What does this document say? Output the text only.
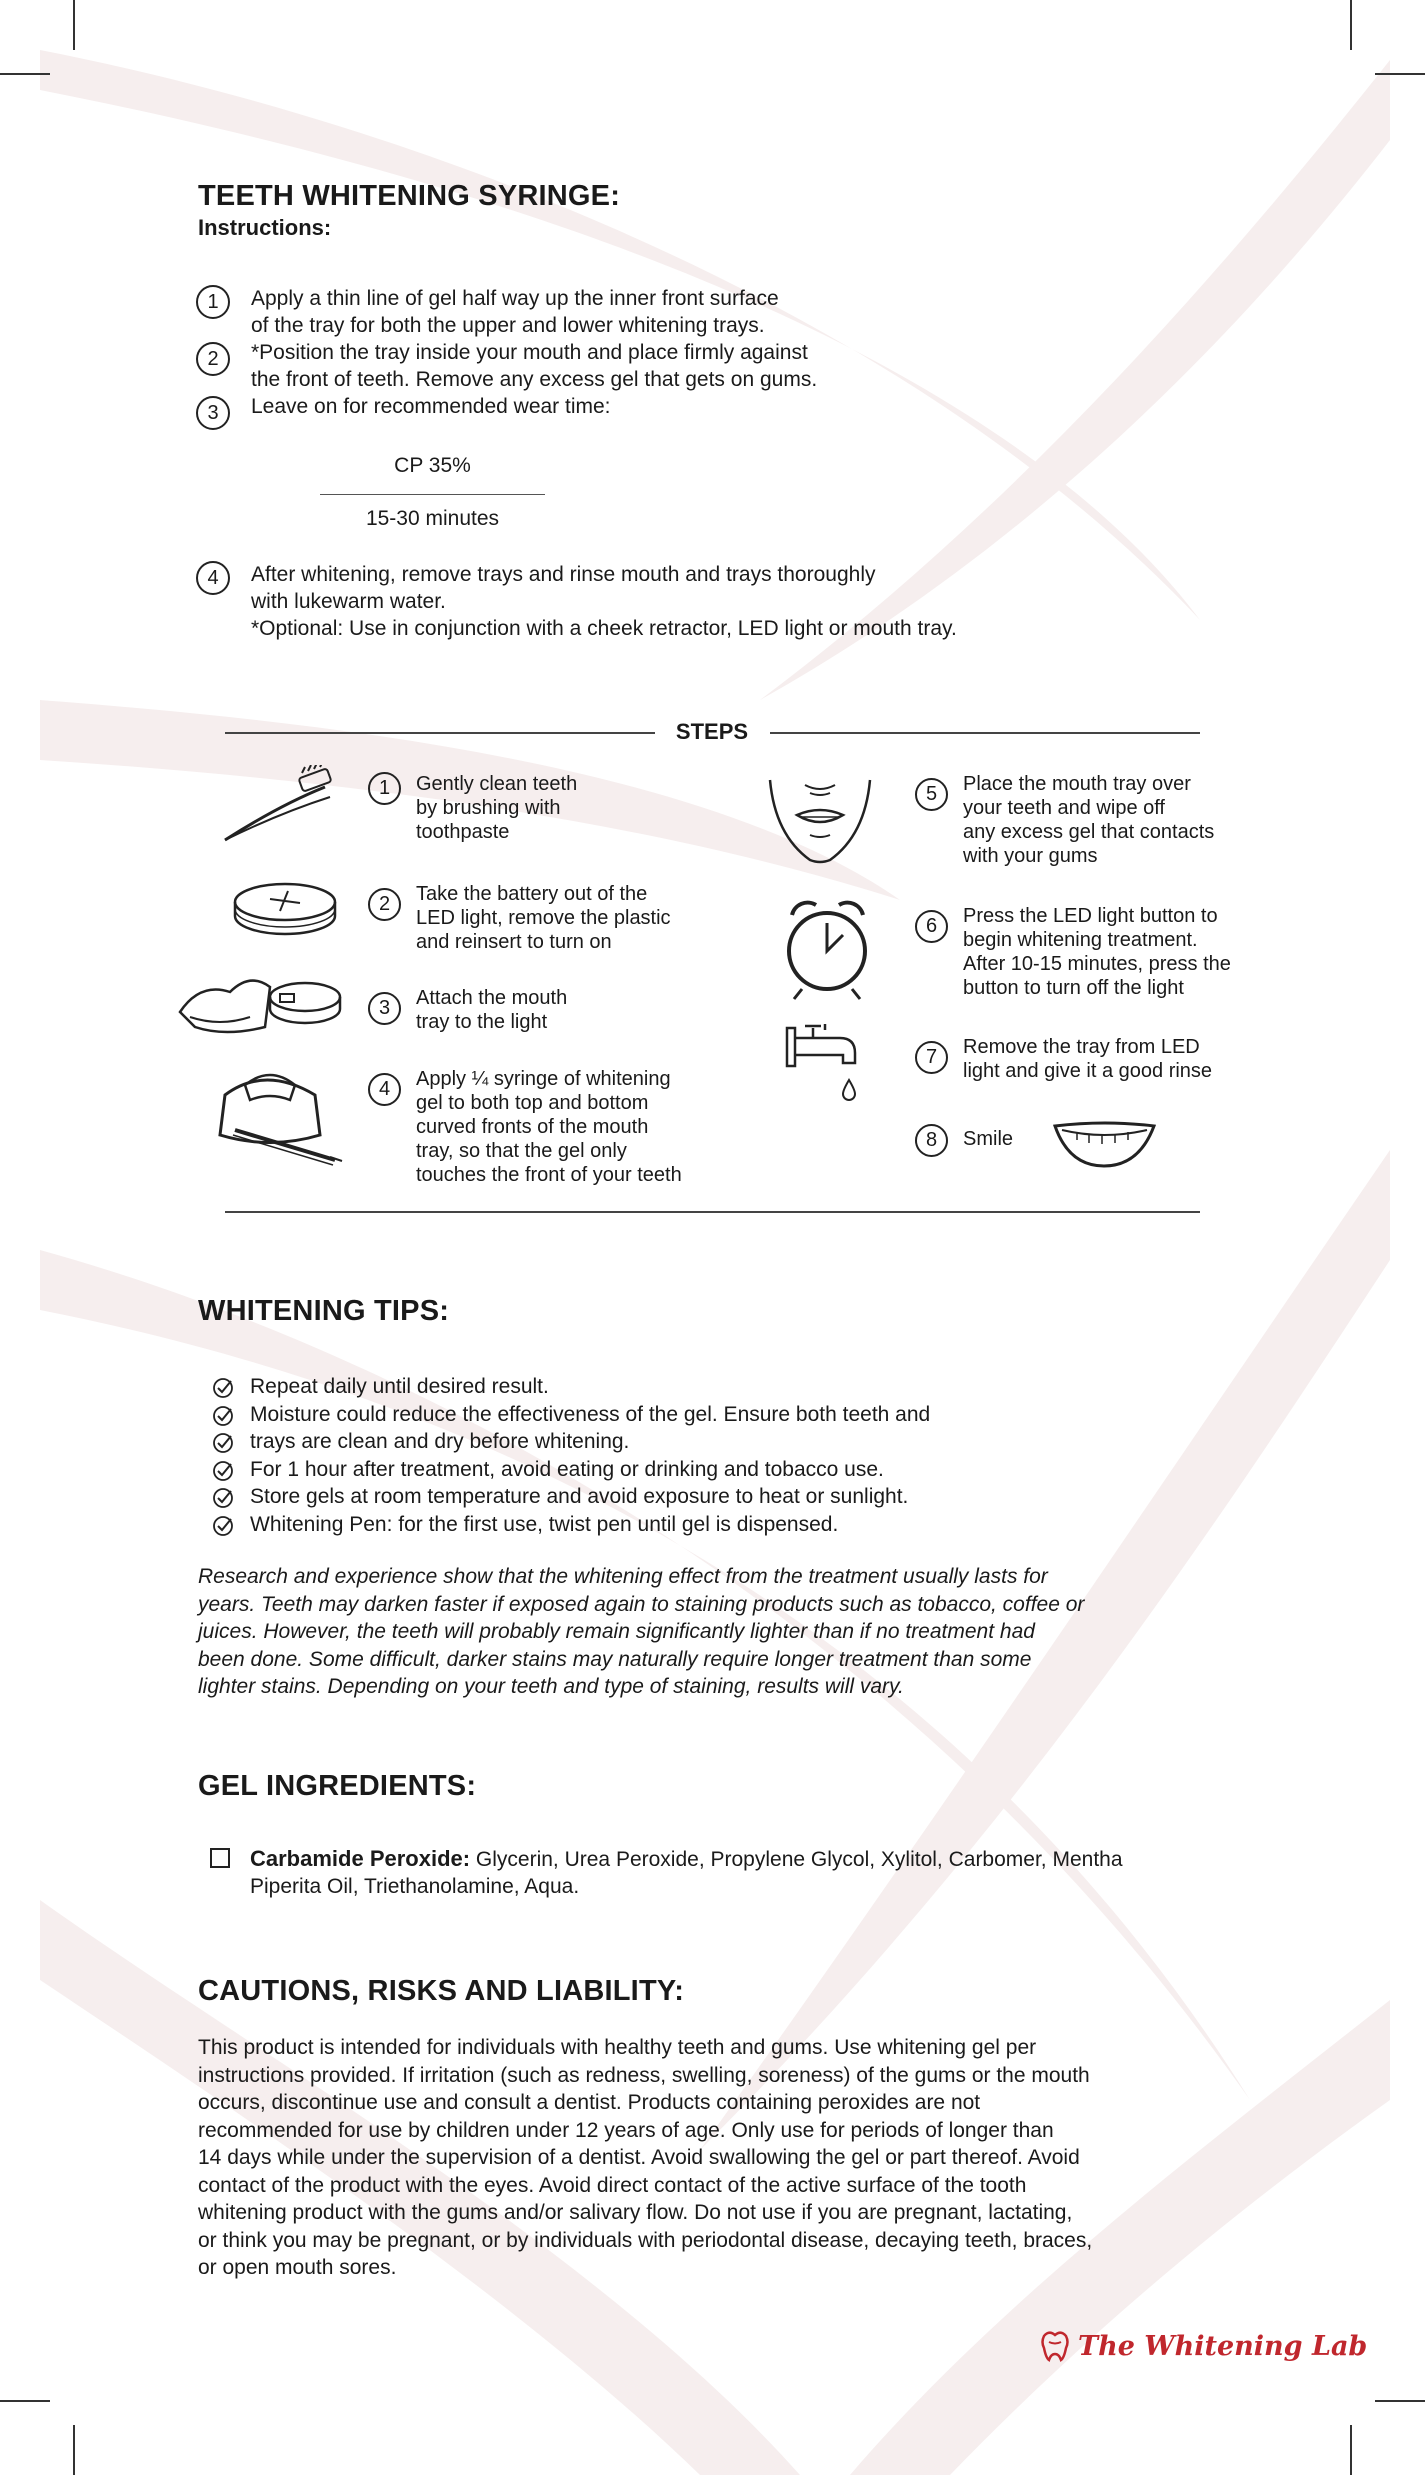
TEETH WHITENING SYRINGE:
Instructions:
1	Apply a thin line of gel half way up the inner front surface
of the tray for both the upper and lower whitening trays.
2	*Position the tray inside your mouth and place firmly against
the front of teeth. Remove any excess gel that gets on gums.
3	Leave on for recommended wear time:
CP 35%
15-30 minutes
4	After whitening, remove trays and rinse mouth and trays thoroughly
with lukewarm water.
*Optional: Use in conjunction with a cheek retractor, LED light or mouth tray.
STEPS
1	Gently clean teeth
by brushing with
toothpaste
2	Take the battery out of the
LED light, remove the plastic
and reinsert to turn on
3	Attach the mouth
tray to the light
4	Apply ¼ syringe of whitening
gel to both top and bottom
curved fronts of the mouth
tray, so that the gel only
touches the front of your teeth
5	Place the mouth tray over
your teeth and wipe off
any excess gel that contacts
with your gums
6	Press the LED light button to
begin whitening treatment.
After 10-15 minutes, press the
button to turn off the light
7	Remove the tray from LED
light and give it a good rinse
8	Smile
WHITENING TIPS:
Repeat daily until desired result.
Moisture could reduce the effectiveness of the gel. Ensure both teeth and
trays are clean and dry before whitening.
For 1 hour after treatment, avoid eating or drinking and tobacco use.
Store gels at room temperature and avoid exposure to heat or sunlight.
Whitening Pen: for the first use, twist pen until gel is dispensed.
Research and experience show that the whitening effect from the treatment usually lasts for
years. Teeth may darken faster if exposed again to staining products such as tobacco, coffee or
juices. However, the teeth will probably remain significantly lighter than if no treatment had
been done. Some difficult, darker stains may naturally require longer treatment than some
lighter stains. Depending on your teeth and type of staining, results will vary.
GEL INGREDIENTS:
Carbamide Peroxide: Glycerin, Urea Peroxide, Propylene Glycol, Xylitol, Carbomer, Mentha
Piperita Oil, Triethanolamine, Aqua.
CAUTIONS, RISKS AND LIABILITY:
This product is intended for individuals with healthy teeth and gums. Use whitening gel per
instructions provided. If irritation (such as redness, swelling, soreness) of the gums or the mouth
occurs, discontinue use and consult a dentist. Products containing peroxides are not
recommended for use by children under 12 years of age. Only use for periods of longer than
14 days while under the supervision of a dentist. Avoid swallowing the gel or part thereof. Avoid
contact of the product with the eyes. Avoid direct contact of the active surface of the tooth
whitening product with the gums and/or salivary flow. Do not use if you are pregnant, lactating,
or think you may be pregnant, or by individuals with periodontal disease, decaying teeth, braces,
or open mouth sores.
The Whitening Lab
